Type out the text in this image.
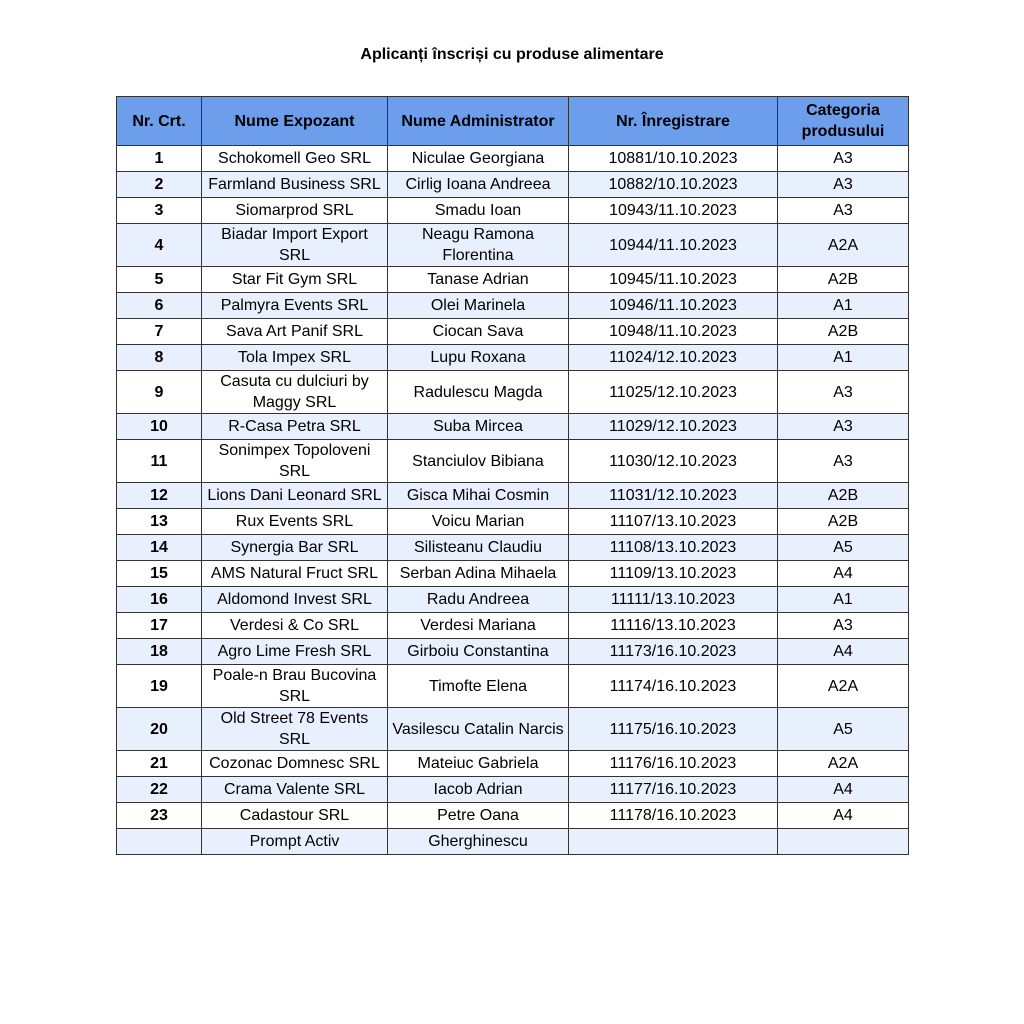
Aplicanți înscriși cu produse alimentare
Nr. Crt.	Nume Expozant	Nume Administrator	Nr. Înregistrare	Categoria produsului
1	Schokomell Geo SRL	Niculae Georgiana	10881/10.10.2023	A3
2	Farmland Business SRL	Cirlig Ioana Andreea	10882/10.10.2023	A3
3	Siomarprod SRL	Smadu Ioan	10943/11.10.2023	A3
4	Biadar Import Export SRL	Neagu Ramona Florentina	10944/11.10.2023	A2A
5	Star Fit Gym SRL	Tanase Adrian	10945/11.10.2023	A2B
6	Palmyra Events SRL	Olei Marinela	10946/11.10.2023	A1
7	Sava Art Panif SRL	Ciocan Sava	10948/11.10.2023	A2B
8	Tola Impex SRL	Lupu Roxana	11024/12.10.2023	A1
9	Casuta cu dulciuri by Maggy SRL	Radulescu Magda	11025/12.10.2023	A3
10	R-Casa Petra SRL	Suba Mircea	11029/12.10.2023	A3
11	Sonimpex Topoloveni SRL	Stanciulov Bibiana	11030/12.10.2023	A3
12	Lions Dani Leonard SRL	Gisca Mihai Cosmin	11031/12.10.2023	A2B
13	Rux Events SRL	Voicu Marian	11107/13.10.2023	A2B
14	Synergia Bar SRL	Silisteanu Claudiu	11108/13.10.2023	A5
15	AMS Natural Fruct SRL	Serban Adina Mihaela	11109/13.10.2023	A4
16	Aldomond Invest SRL	Radu Andreea	11111/13.10.2023	A1
17	Verdesi & Co SRL	Verdesi Mariana	11116/13.10.2023	A3
18	Agro Lime Fresh SRL	Girboiu Constantina	11173/16.10.2023	A4
19	Poale-n Brau Bucovina SRL	Timofte Elena	11174/16.10.2023	A2A
20	Old Street 78 Events SRL	Vasilescu Catalin Narcis	11175/16.10.2023	A5
21	Cozonac Domnesc SRL	Mateiuc Gabriela	11176/16.10.2023	A2A
22	Crama Valente SRL	Iacob Adrian	11177/16.10.2023	A4
23	Cadastour SRL	Petre Oana	11178/16.10.2023	A4
	Prompt Activ	Gherghinescu		
